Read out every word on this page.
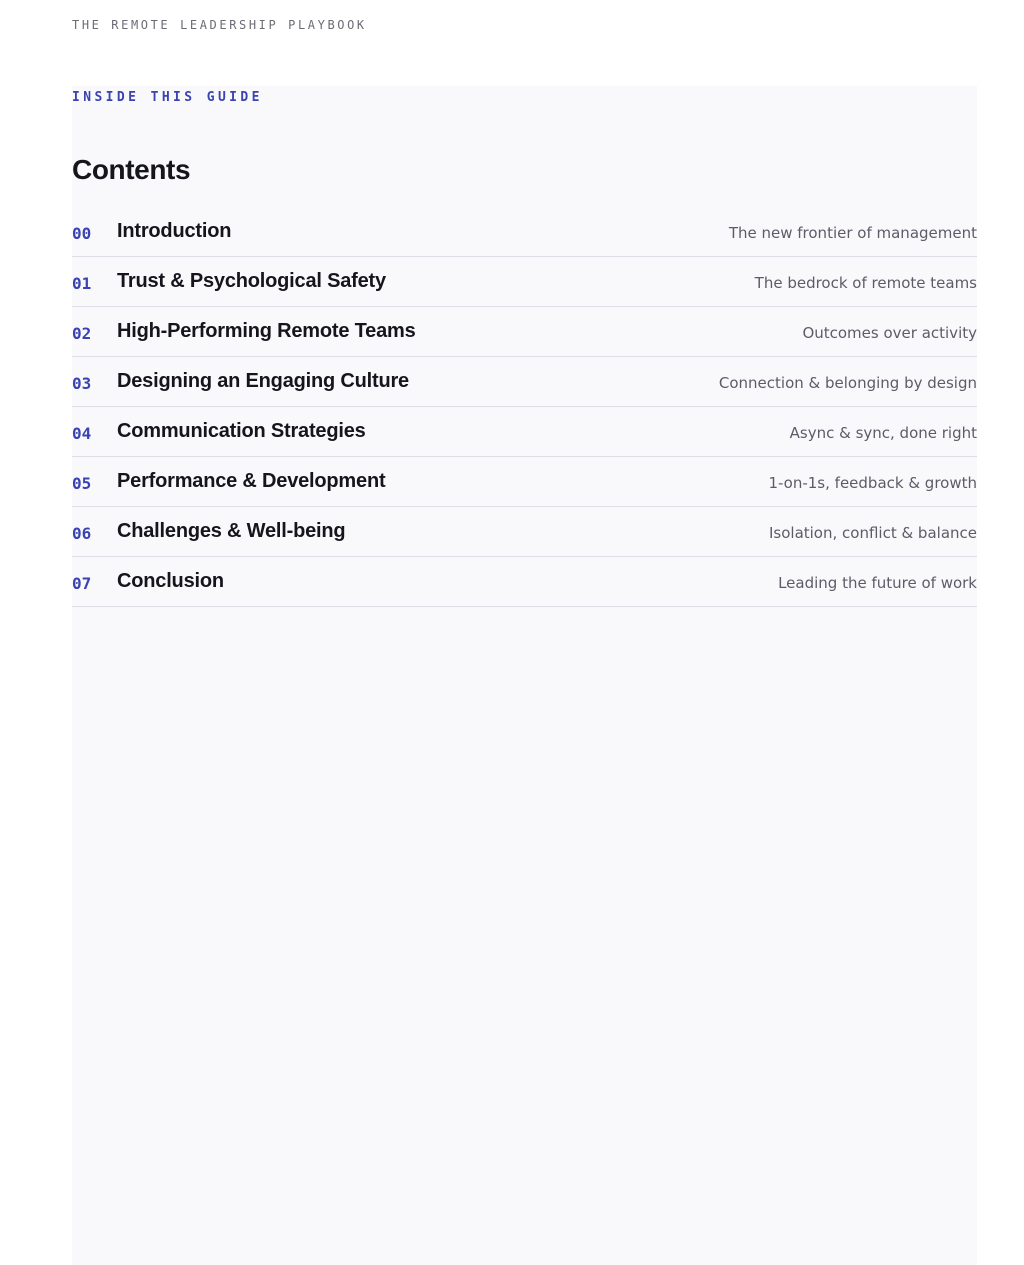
THE REMOTE LEADERSHIP PLAYBOOK
INSIDE THIS GUIDE
Contents
00	Introduction	The new frontier of management
01	Trust & Psychological Safety	The bedrock of remote teams
02	High-Performing Remote Teams	Outcomes over activity
03	Designing an Engaging Culture	Connection & belonging by design
04	Communication Strategies	Async & sync, done right
05	Performance & Development	1-on-1s, feedback & growth
06	Challenges & Well-being	Isolation, conflict & balance
07	Conclusion	Leading the future of work
